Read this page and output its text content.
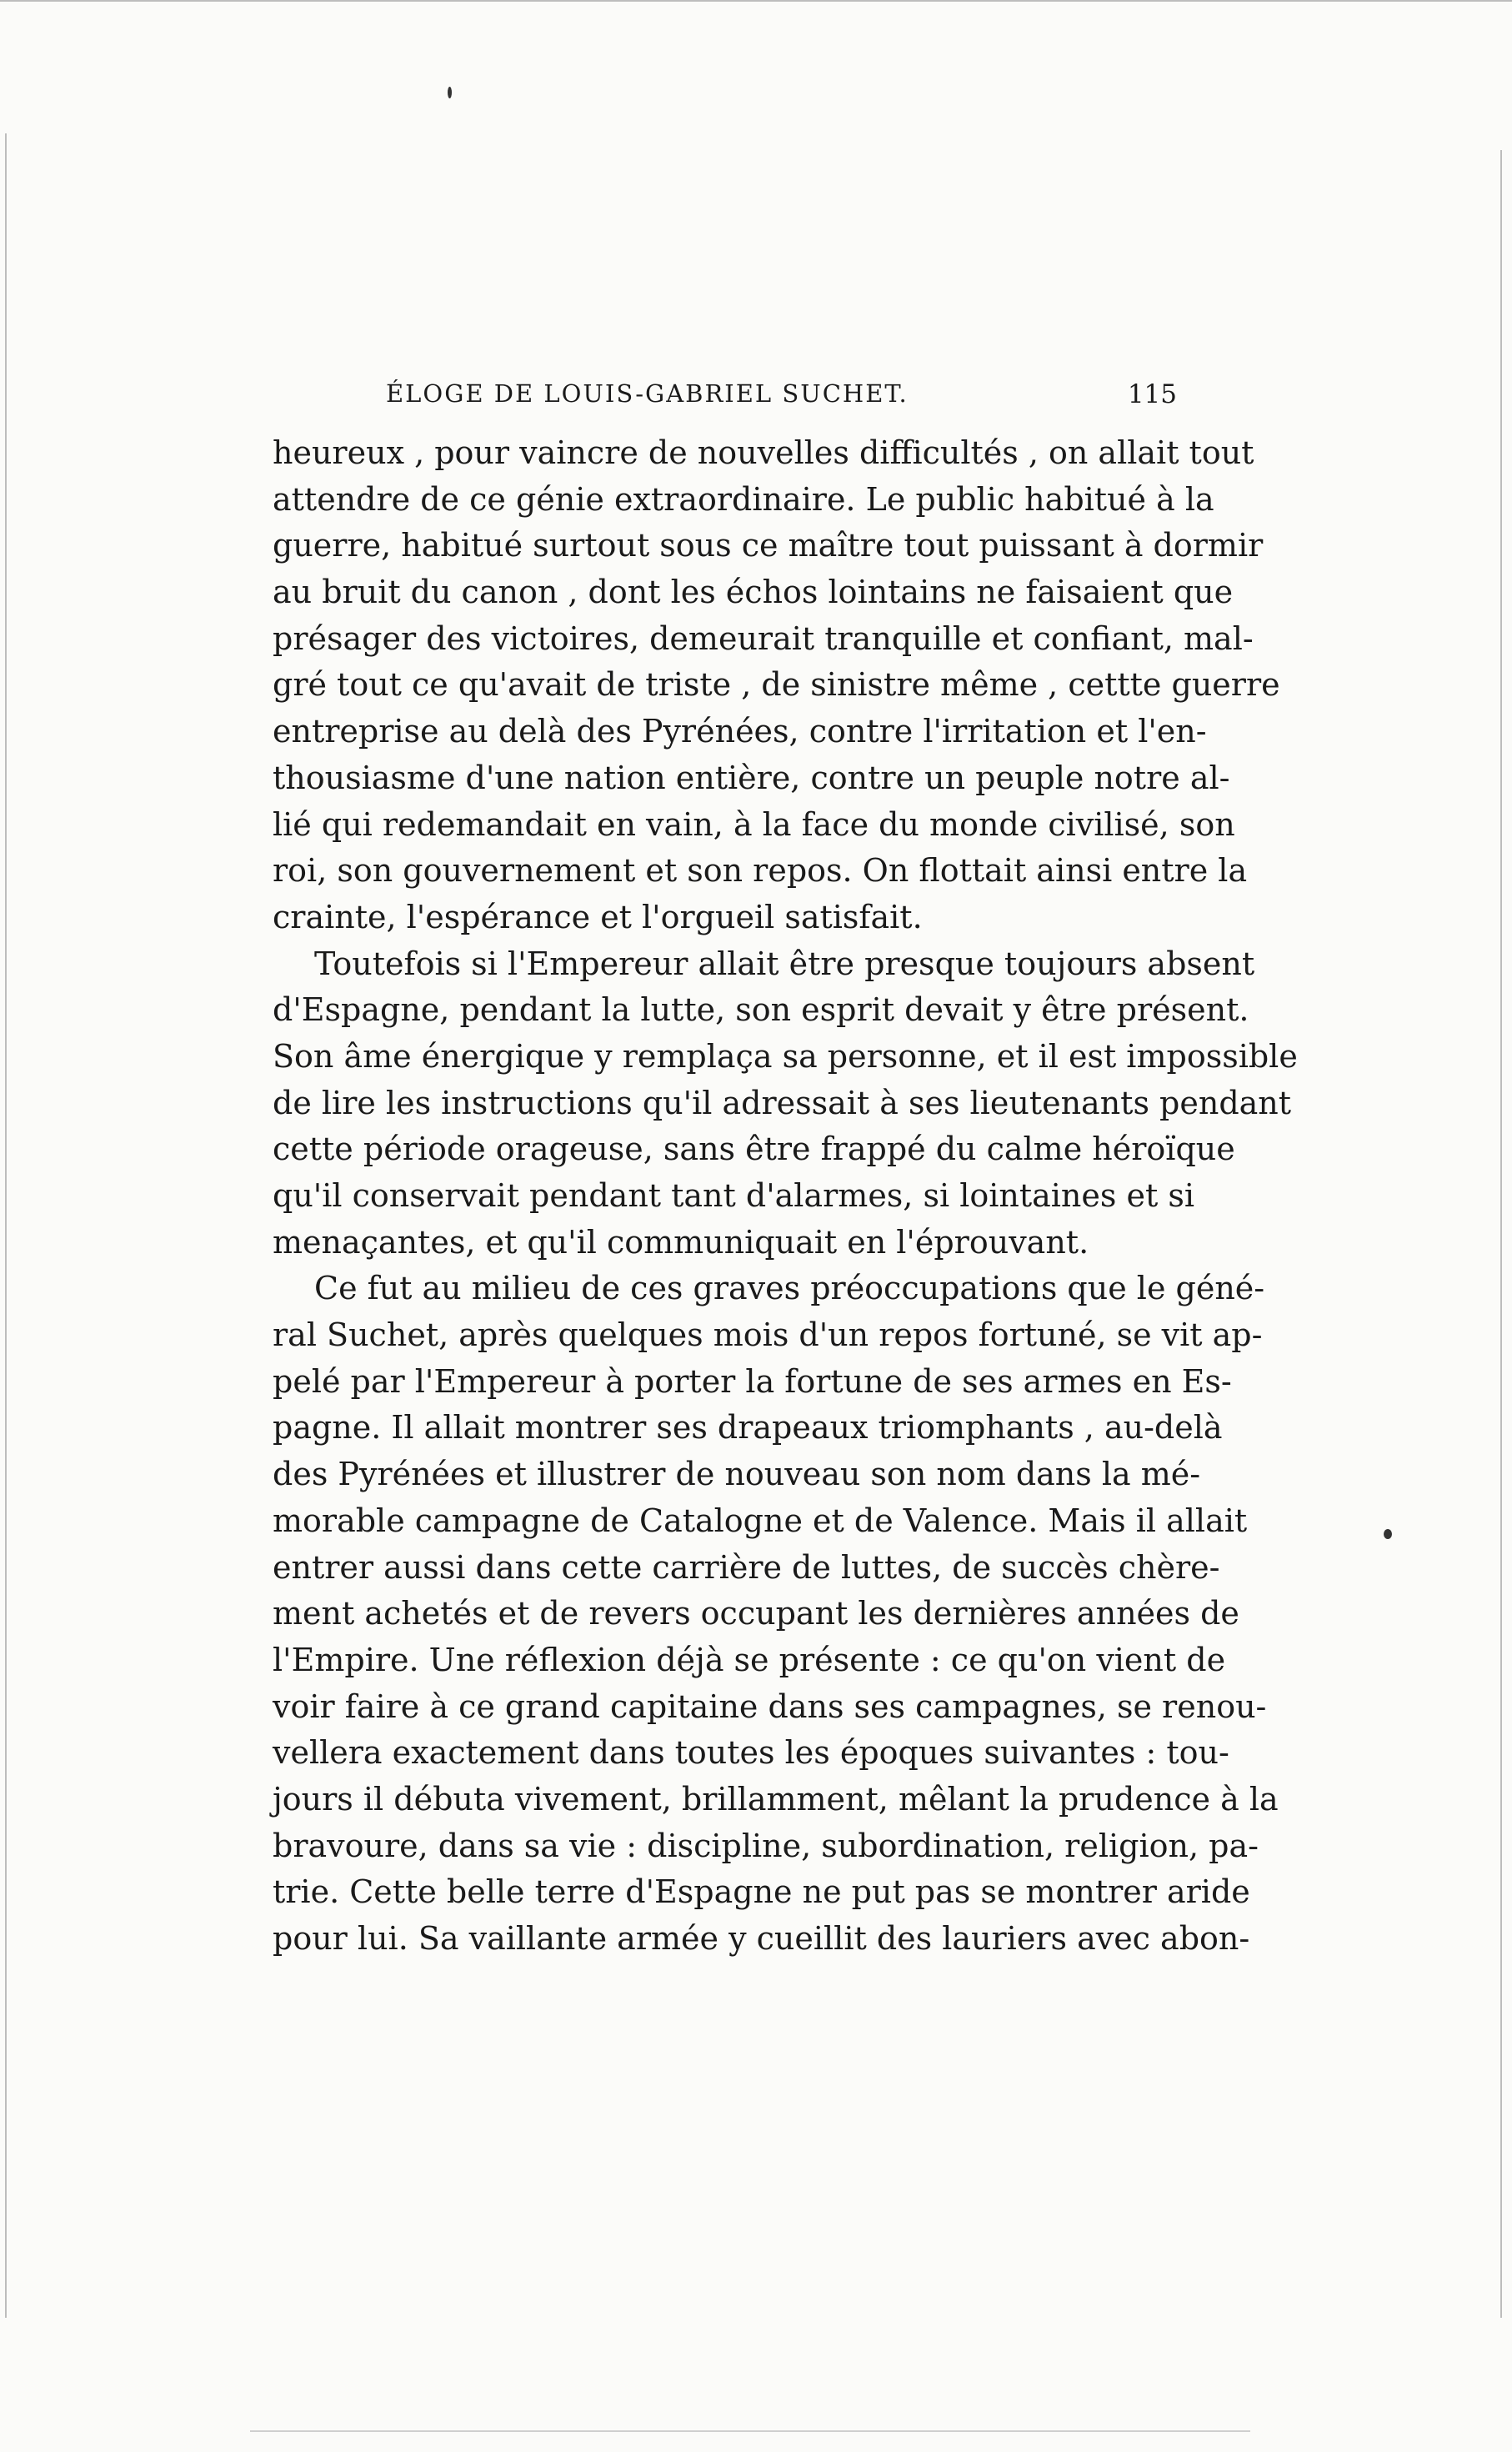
ÉLOGE DE LOUIS-GABRIEL SUCHET.	115
heureux , pour vaincre de nouvelles difficultés , on allait tout
attendre de ce génie extraordinaire. Le public habitué à la
guerre, habitué surtout sous ce maître tout puissant à dormir
au bruit du canon , dont les échos lointains ne faisaient que
présager des victoires, demeurait tranquille et confiant, mal-
gré tout ce qu'avait de triste , de sinistre même , cettte guerre
entreprise au delà des Pyrénées, contre l'irritation et l'en-
thousiasme d'une nation entière, contre un peuple notre al-
lié qui redemandait en vain, à la face du monde civilisé, son
roi, son gouvernement et son repos. On flottait ainsi entre la
crainte, l'espérance et l'orgueil satisfait.
Toutefois si l'Empereur allait être presque toujours absent
d'Espagne, pendant la lutte, son esprit devait y être présent.
Son âme énergique y remplaça sa personne, et il est impossible
de lire les instructions qu'il adressait à ses lieutenants pendant
cette période orageuse, sans être frappé du calme héroïque
qu'il conservait pendant tant d'alarmes, si lointaines et si
menaçantes, et qu'il communiquait en l'éprouvant.
Ce fut au milieu de ces graves préoccupations que le géné-
ral Suchet, après quelques mois d'un repos fortuné, se vit ap-
pelé par l'Empereur à porter la fortune de ses armes en Es-
pagne. Il allait montrer ses drapeaux triomphants , au-delà
des Pyrénées et illustrer de nouveau son nom dans la mé-
morable campagne de Catalogne et de Valence. Mais il allait
entrer aussi dans cette carrière de luttes, de succès chère-
ment achetés et de revers occupant les dernières années de
l'Empire. Une réflexion déjà se présente : ce qu'on vient de
voir faire à ce grand capitaine dans ses campagnes, se renou-
vellera exactement dans toutes les époques suivantes : tou-
jours il débuta vivement, brillamment, mêlant la prudence à la
bravoure, dans sa vie : discipline, subordination, religion, pa-
trie. Cette belle terre d'Espagne ne put pas se montrer aride
pour lui. Sa vaillante armée y cueillit des lauriers avec abon-
